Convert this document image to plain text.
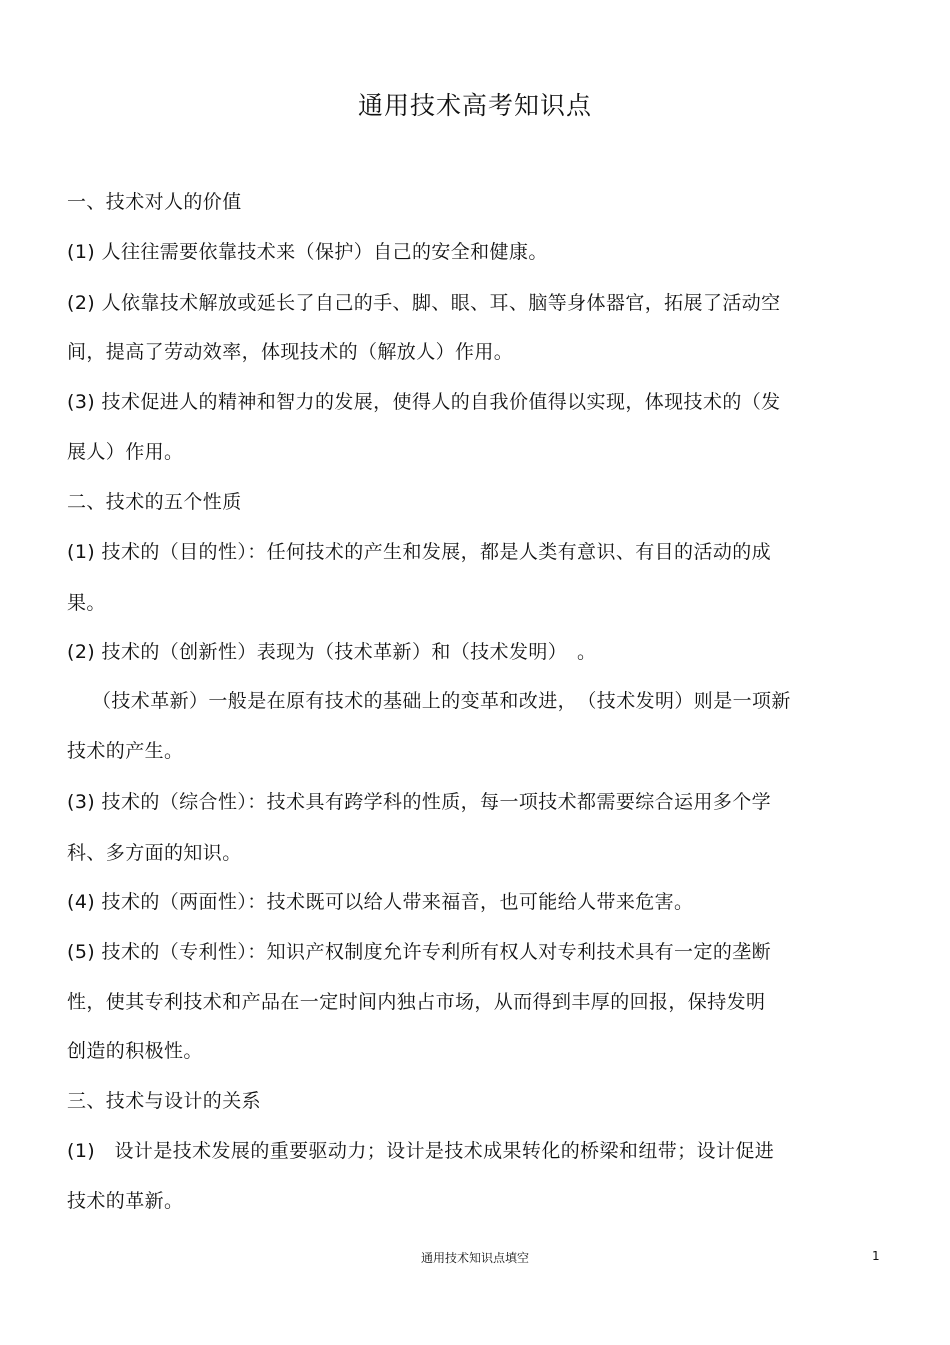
通用技术高考知识点
一、技术对人的价值
(1) 人往往需要依靠技术来（保护）自己的安全和健康。
(2) 人依靠技术解放或延长了自己的手、脚、眼、耳、脑等身体器官，拓展了活动空
间，提高了劳动效率，体现技术的（解放人）作用。
(3) 技术促进人的精神和智力的发展，使得人的自我价值得以实现，体现技术的（发
展人）作用。
二、技术的五个性质
(1) 技术的（目的性）：任何技术的产生和发展，都是人类有意识、有目的活动的成
果。
(2) 技术的（创新性）表现为（技术革新）和（技术发明）　。
（技术革新）一般是在原有技术的基础上的变革和改进，　（技术发明）则是一项新
技术的产生。
(3) 技术的（综合性）：技术具有跨学科的性质，每一项技术都需要综合运用多个学
科、多方面的知识。
(4) 技术的（两面性）：技术既可以给人带来福音，也可能给人带来危害。
(5) 技术的（专利性）：知识产权制度允许专利所有权人对专利技术具有一定的垄断
性，使其专利技术和产品在一定时间内独占市场，从而得到丰厚的回报，保持发明
创造的积极性。
三、技术与设计的关系
(1)　设计是技术发展的重要驱动力；设计是技术成果转化的桥梁和纽带；设计促进
技术的革新。
通用技术知识点填空	1
